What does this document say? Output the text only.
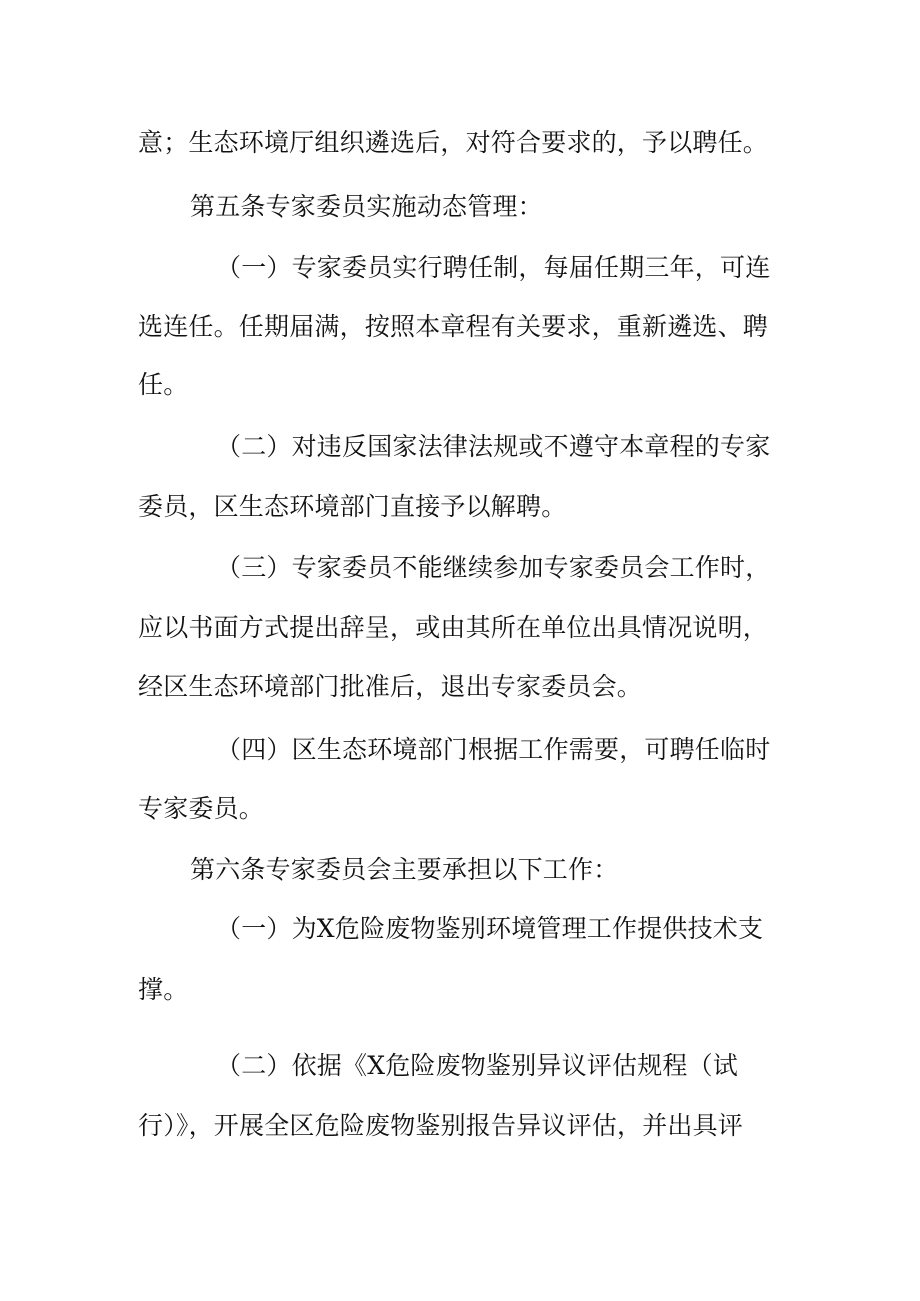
意；生态环境厅组织遴选后，对符合要求的，予以聘任。
第五条专家委员实施动态管理：
（一）专家委员实行聘任制，每届任期三年，可连
选连任。任期届满，按照本章程有关要求，重新遴选、聘
任。
（二）对违反国家法律法规或不遵守本章程的专家
委员，区生态环境部门直接予以解聘。
（三）专家委员不能继续参加专家委员会工作时，
应以书面方式提出辞呈，或由其所在单位出具情况说明，
经区生态环境部门批准后，退出专家委员会。
（四）区生态环境部门根据工作需要，可聘任临时
专家委员。
第六条专家委员会主要承担以下工作：
（一）为X危险废物鉴别环境管理工作提供技术支
撑。
（二）依据《X危险废物鉴别异议评估规程（试
行）》，开展全区危险废物鉴别报告异议评估，并出具评
